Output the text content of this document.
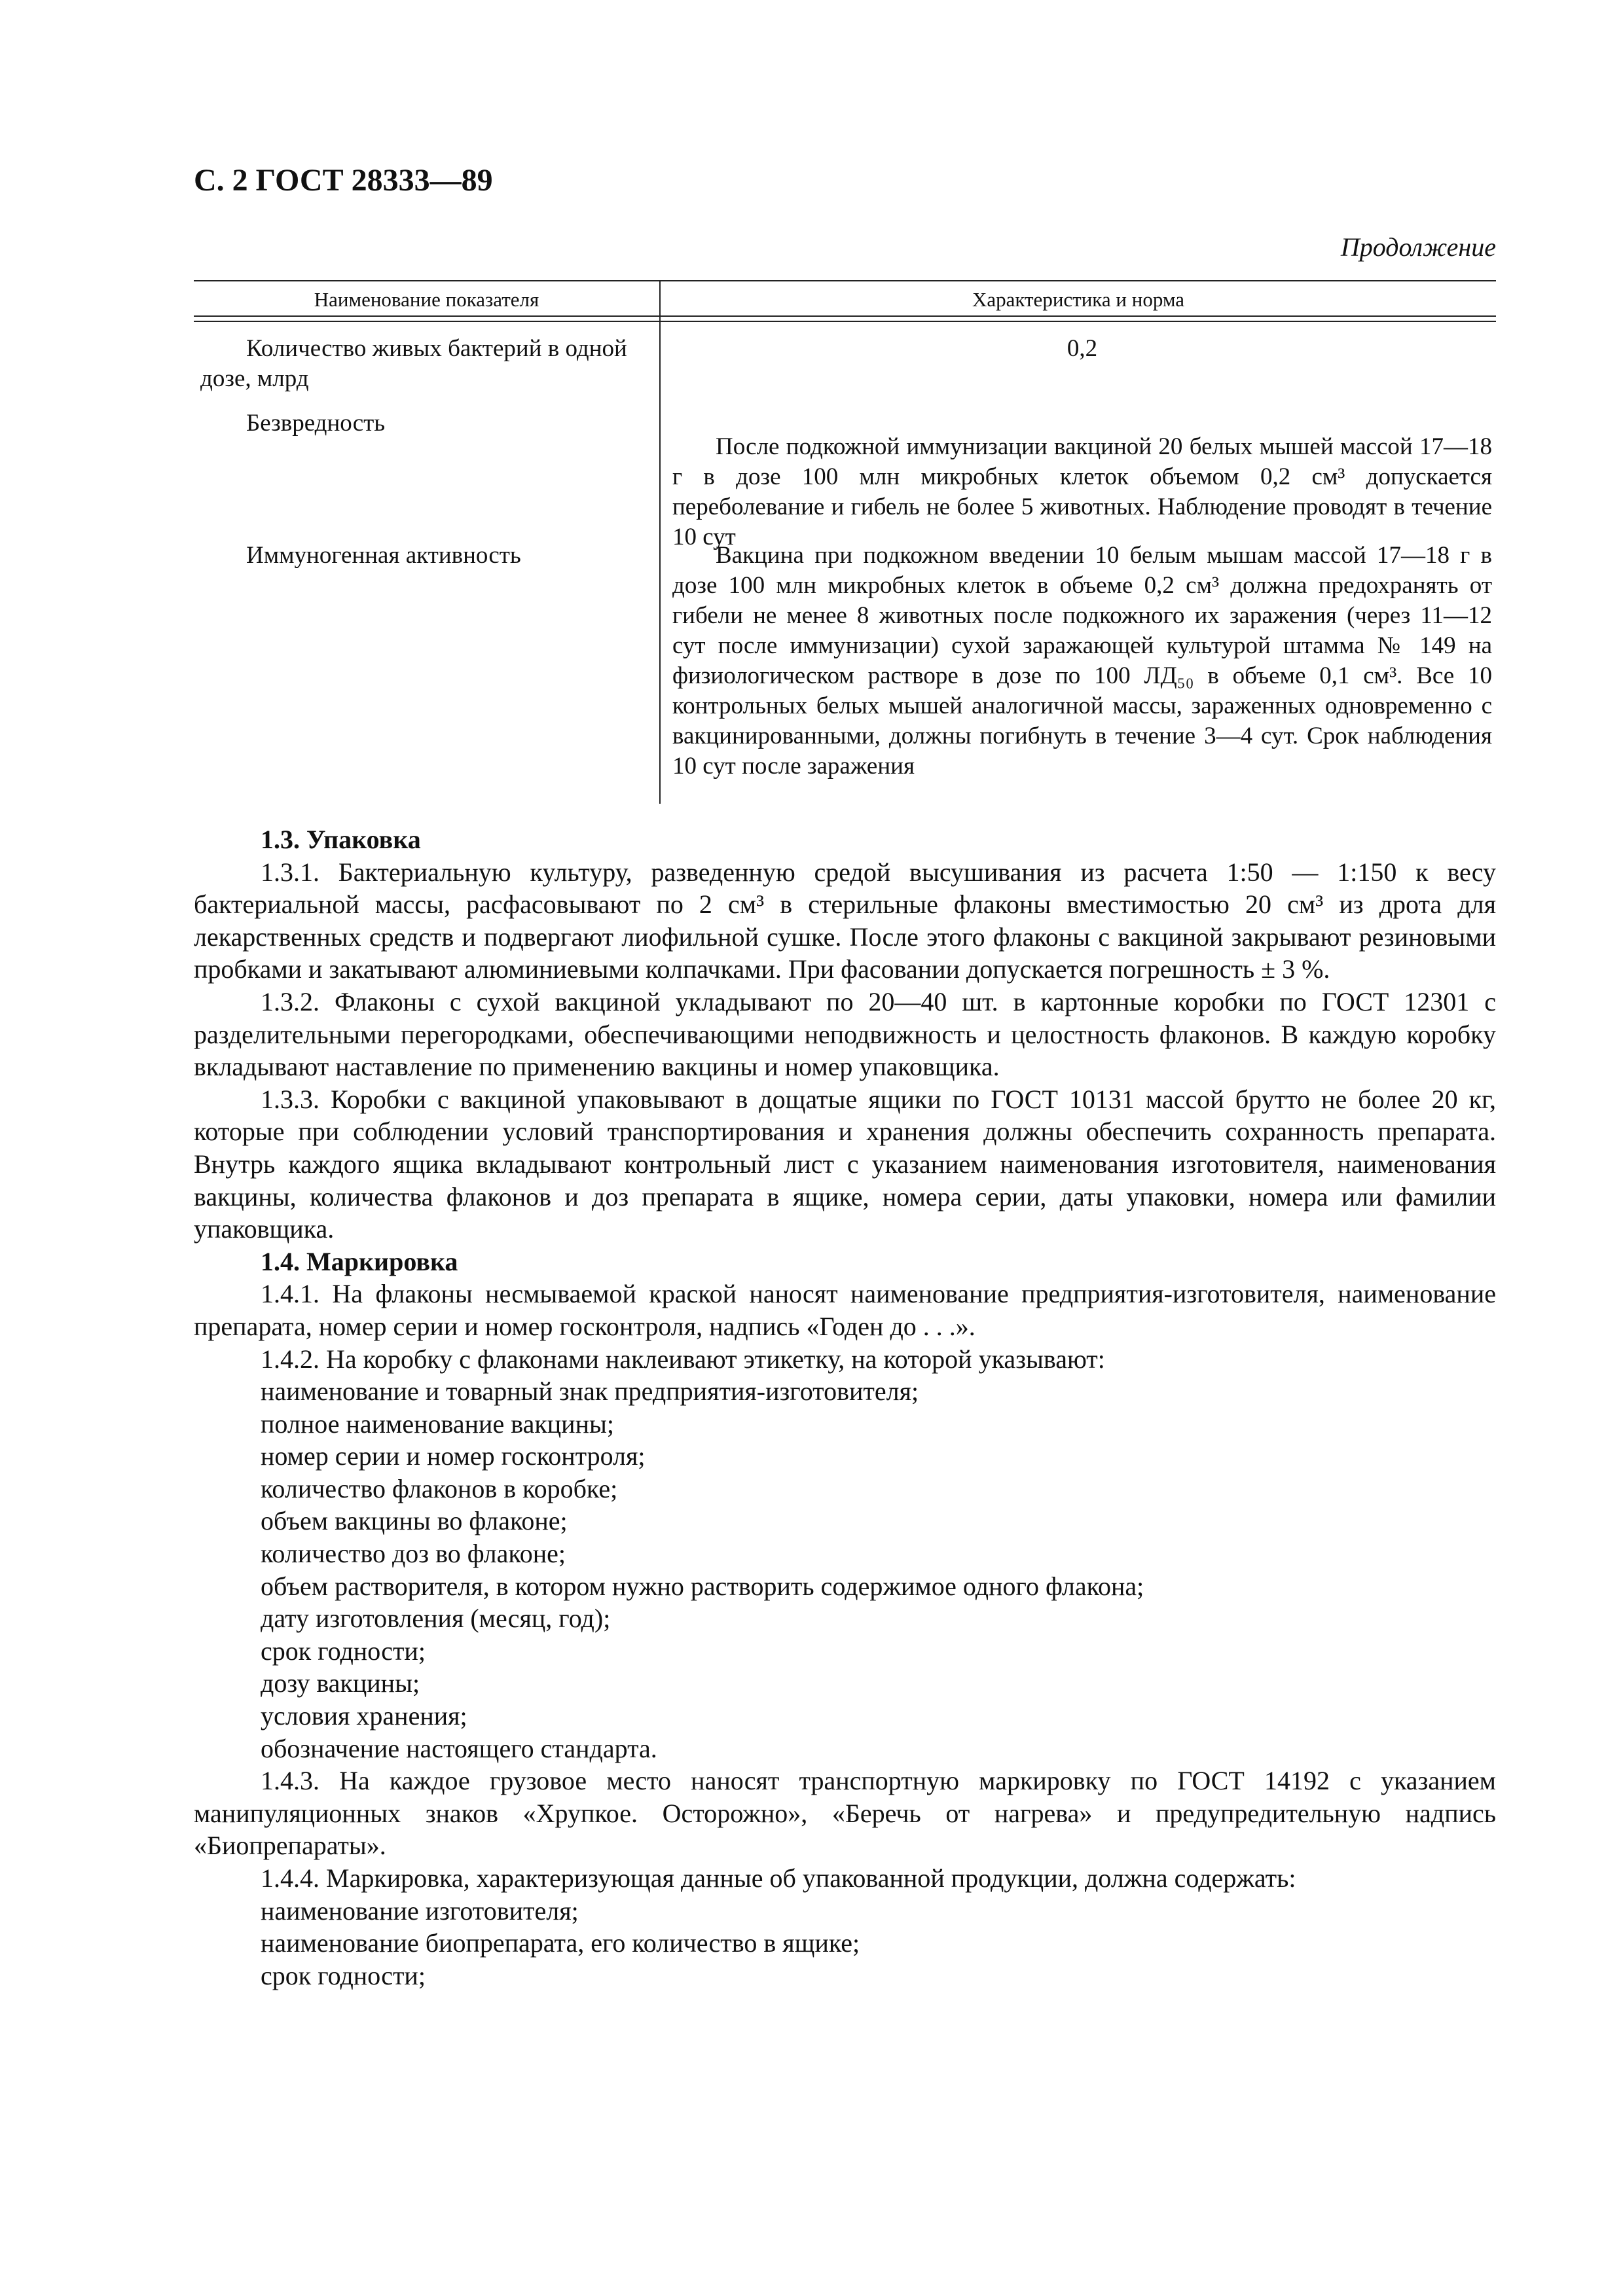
С. 2 ГОСТ 28333—89
Продолжение
Наименование показателя	Характеристика и норма
Количество живых бактерий в одной дозе, млрд
0,2
Безвредность
После подкожной иммунизации вакциной 20 белых мышей массой 17—18 г в дозе 100 млн микробных клеток объемом 0,2 см³ допускается переболевание и гибель не более 5 животных. Наблюдение проводят в течение 10 сут
Иммуногенная активность	Вакцина при подкожном введении 10 белым мышам массой 17—18 г в дозе 100 млн микробных клеток в объеме 0,2 см³ должна предохранять от гибели не менее 8 животных после подкожного их заражения (через 11—12 сут после иммунизации) сухой заражающей культурой штамма № 149 на физиологическом растворе в дозе по 100 ЛД₅₀ в объеме 0,1 см³. Все 10 контрольных белых мышей аналогичной массы, зараженных одновременно с вакцинированными, должны погибнуть в течение 3—4 сут. Срок наблюдения 10 сут после заражения

1.3. Упаковка

1.3.1. Бактериальную культуру, разведенную средой высушивания из расчета 1:50 — 1:150 к весу бактериальной массы, расфасовывают по 2 см³ в стерильные флаконы вместимостью 20 см³ из дрота для лекарственных средств и подвергают лиофильной сушке. После этого флаконы с вакциной закрывают резиновыми пробками и закатывают алюминиевыми колпачками. При фасовании допускается погрешность ± 3 %.

1.3.2. Флаконы с сухой вакциной укладывают по 20—40 шт. в картонные коробки по ГОСТ 12301 с разделительными перегородками, обеспечивающими неподвижность и целостность флаконов. В каждую коробку вкладывают наставление по применению вакцины и номер упаковщика.

1.3.3. Коробки с вакциной упаковывают в дощатые ящики по ГОСТ 10131 массой брутто не более 20 кг, которые при соблюдении условий транспортирования и хранения должны обеспечить сохранность препарата. Внутрь каждого ящика вкладывают контрольный лист с указанием наименования изготовителя, наименования вакцины, количества флаконов и доз препарата в ящике, номера серии, даты упаковки, номера или фамилии упаковщика.

1.4. Маркировка

1.4.1. На флаконы несмываемой краской наносят наименование предприятия-изготовителя, наименование препарата, номер серии и номер госконтроля, надпись «Годен до . . .».

1.4.2. На коробку с флаконами наклеивают этикетку, на которой указывают:

наименование и товарный знак предприятия-изготовителя;

полное наименование вакцины;

номер серии и номер госконтроля;

количество флаконов в коробке;

объем вакцины во флаконе;

количество доз во флаконе;

объем растворителя, в котором нужно растворить содержимое одного флакона;

дату изготовления (месяц, год);

срок годности;

дозу вакцины;

условия хранения;

обозначение настоящего стандарта.

1.4.3. На каждое грузовое место наносят транспортную маркировку по ГОСТ 14192 с указанием манипуляционных знаков «Хрупкое. Осторожно», «Беречь от нагрева» и предупредительную надпись «Биопрепараты».

1.4.4. Маркировка, характеризующая данные об упакованной продукции, должна содержать:

наименование изготовителя;

наименование биопрепарата, его количество в ящике;

срок годности;
